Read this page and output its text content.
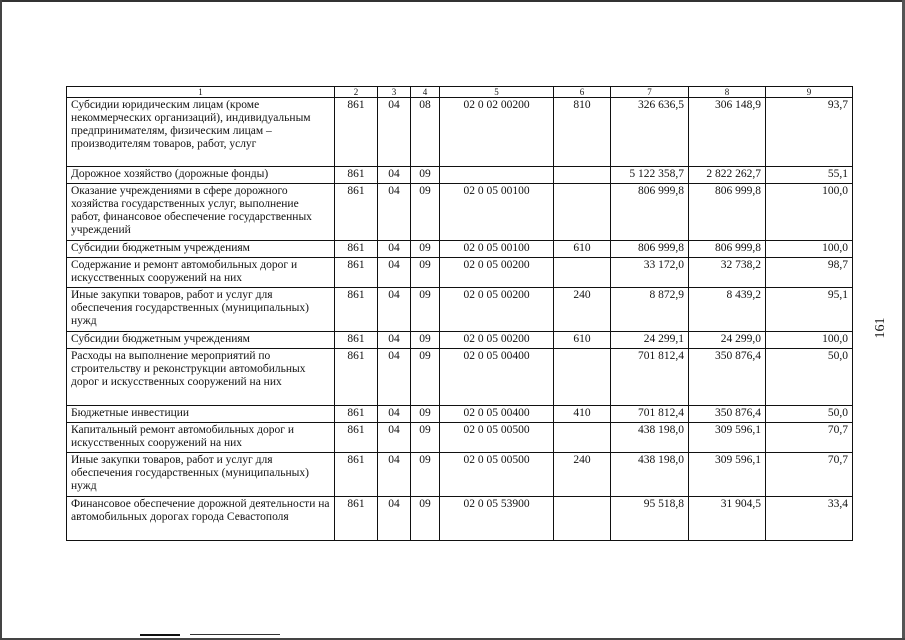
1	2	3	4	5	6	7	8	9
Субсидии юридическим лицам (кроме некоммерческих организаций), индивидуальным предпринимателям, физическим лицам – производителям товаров, работ, услуг	861	04	08	02 0 02 00200	810	326 636,5	306 148,9	93,7
Дорожное хозяйство (дорожные фонды)	861	04	09			5 122 358,7	2 822 262,7	55,1
Оказание учреждениями в сфере дорожного хозяйства государственных услуг, выполнение работ, финансовое обеспечение государственных учреждений	861	04	09	02 0 05 00100		806 999,8	806 999,8	100,0
Субсидии бюджетным учреждениям	861	04	09	02 0 05 00100	610	806 999,8	806 999,8	100,0
Содержание и ремонт автомобильных дорог и искусственных сооружений на них	861	04	09	02 0 05 00200		33 172,0	32 738,2	98,7
Иные закупки товаров, работ и услуг для обеспечения государственных (муниципальных) нужд	861	04	09	02 0 05 00200	240	8 872,9	8 439,2	95,1
Субсидии бюджетным учреждениям	861	04	09	02 0 05 00200	610	24 299,1	24 299,0	100,0
Расходы на выполнение мероприятий по строительству и реконструкции автомобильных дорог и искусственных сооружений на них	861	04	09	02 0 05 00400		701 812,4	350 876,4	50,0
Бюджетные инвестиции	861	04	09	02 0 05 00400	410	701 812,4	350 876,4	50,0
Капитальный ремонт автомобильных дорог и искусственных сооружений на них	861	04	09	02 0 05 00500		438 198,0	309 596,1	70,7
Иные закупки товаров, работ и услуг для обеспечения государственных (муниципальных) нужд	861	04	09	02 0 05 00500	240	438 198,0	309 596,1	70,7
Финансовое обеспечение дорожной деятельности на автомобильных дорогах города Севастополя	861	04	09	02 0 05 53900		95 518,8	31 904,5	33,4
161
